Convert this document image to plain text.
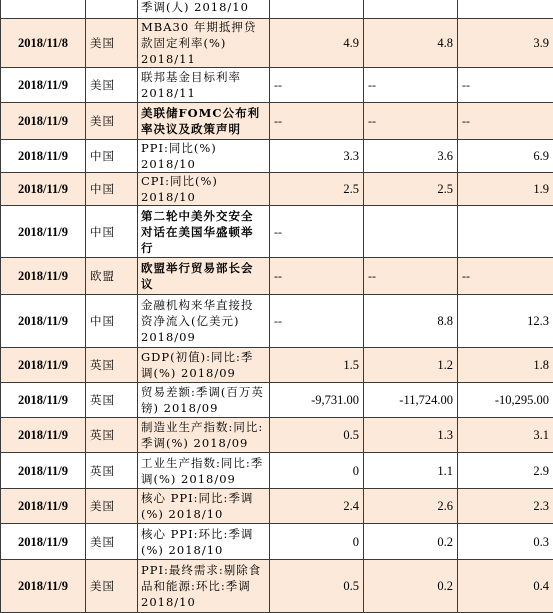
		季调(人) 2018/10			
2018/11/8	美国	MBA30 年期抵押贷款固定利率(%) 2018/11	4.9	4.8	3.9
2018/11/9	美国	联邦基金目标利率 2018/11	--	--	--
2018/11/9	美国	美联储FOMC公布利率决议及政策声明	--	--	--
2018/11/9	中国	PPI:同比(%) 2018/10	3.3	3.6	6.9
2018/11/9	中国	CPI:同比(%) 2018/10	2.5	2.5	1.9
2018/11/9	中国	第二轮中美外交安全对话在美国华盛顿举行	--		
2018/11/9	欧盟	欧盟举行贸易部长会议	--	--	--
2018/11/9	中国	金融机构来华直接投资净流入(亿美元) 2018/09	--	8.8	12.3
2018/11/9	英国	GDP(初值):同比:季调(%) 2018/09	1.5	1.2	1.8
2018/11/9	英国	贸易差额:季调(百万英镑) 2018/09	-9,731.00	-11,724.00	-10,295.00
2018/11/9	英国	制造业生产指数:同比:季调(%) 2018/09	0.5	1.3	3.1
2018/11/9	英国	工业生产指数:同比:季调(%) 2018/09	0	1.1	2.9
2018/11/9	美国	核心 PPI:同比:季调(%) 2018/10	2.4	2.6	2.3
2018/11/9	美国	核心 PPI:环比:季调(%) 2018/10	0	0.2	0.3
2018/11/9	美国	PPI:最终需求:剔除食品和能源:环比:季调 2018/10	0.5	0.2	0.4
